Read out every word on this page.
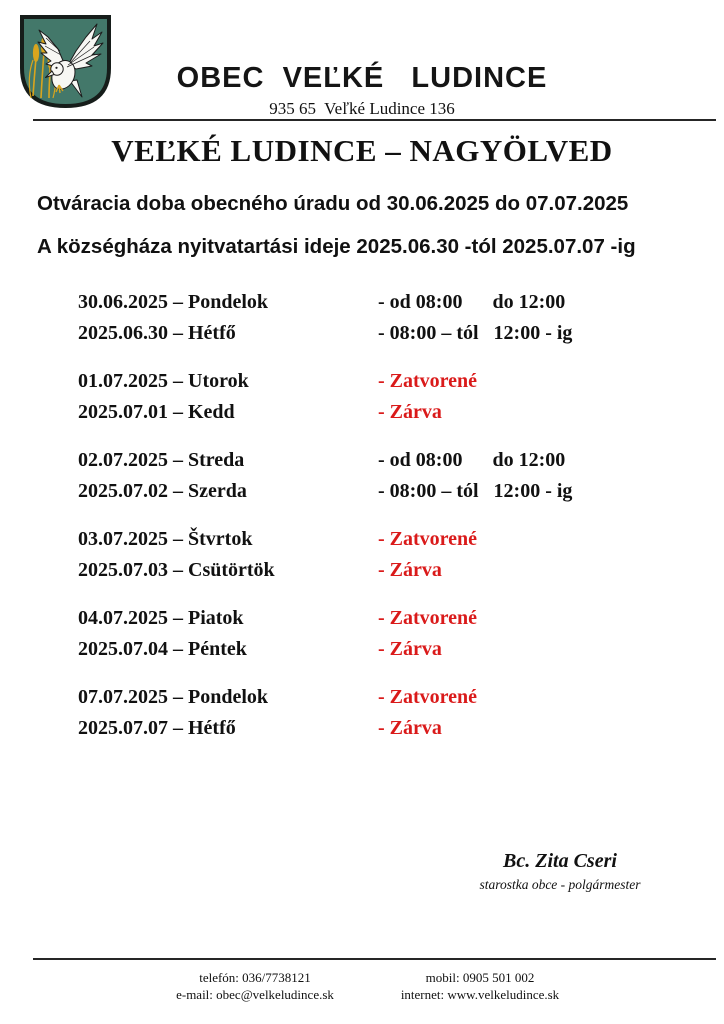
OBEC  VEĽKÉ   LUDINCE
935 65  Veľké Ludince 136
VEĽKÉ LUDINCE – NAGYÖLVED

Otváracia doba obecného úradu od 30.06.2025 do 07.07.2025

A községháza nyitvatartási ideje 2025.06.30 -tól 2025.07.07 -ig

30.06.2025 – Pondelok	- od 08:00      do 12:00
2025.06.30 – Hétfő	- 08:00 – tól   12:00 - ig
01.07.2025 – Utorok	- Zatvorené
2025.07.01 – Kedd	- Zárva
02.07.2025 – Streda	- od 08:00      do 12:00
2025.07.02 – Szerda	- 08:00 – tól   12:00 - ig
03.07.2025 – Štvrtok	- Zatvorené
2025.07.03 – Csütörtök	- Zárva
04.07.2025 – Piatok	- Zatvorené
2025.07.04 – Péntek	- Zárva
07.07.2025 – Pondelok	- Zatvorené
2025.07.07 – Hétfő	- Zárva
Bc. Zita Cseri
starostka obce - polgármester
telefón: 036/7738121
e-mail: obec@velkeludince.sk
mobil: 0905 501 002
internet: www.velkeludince.sk
